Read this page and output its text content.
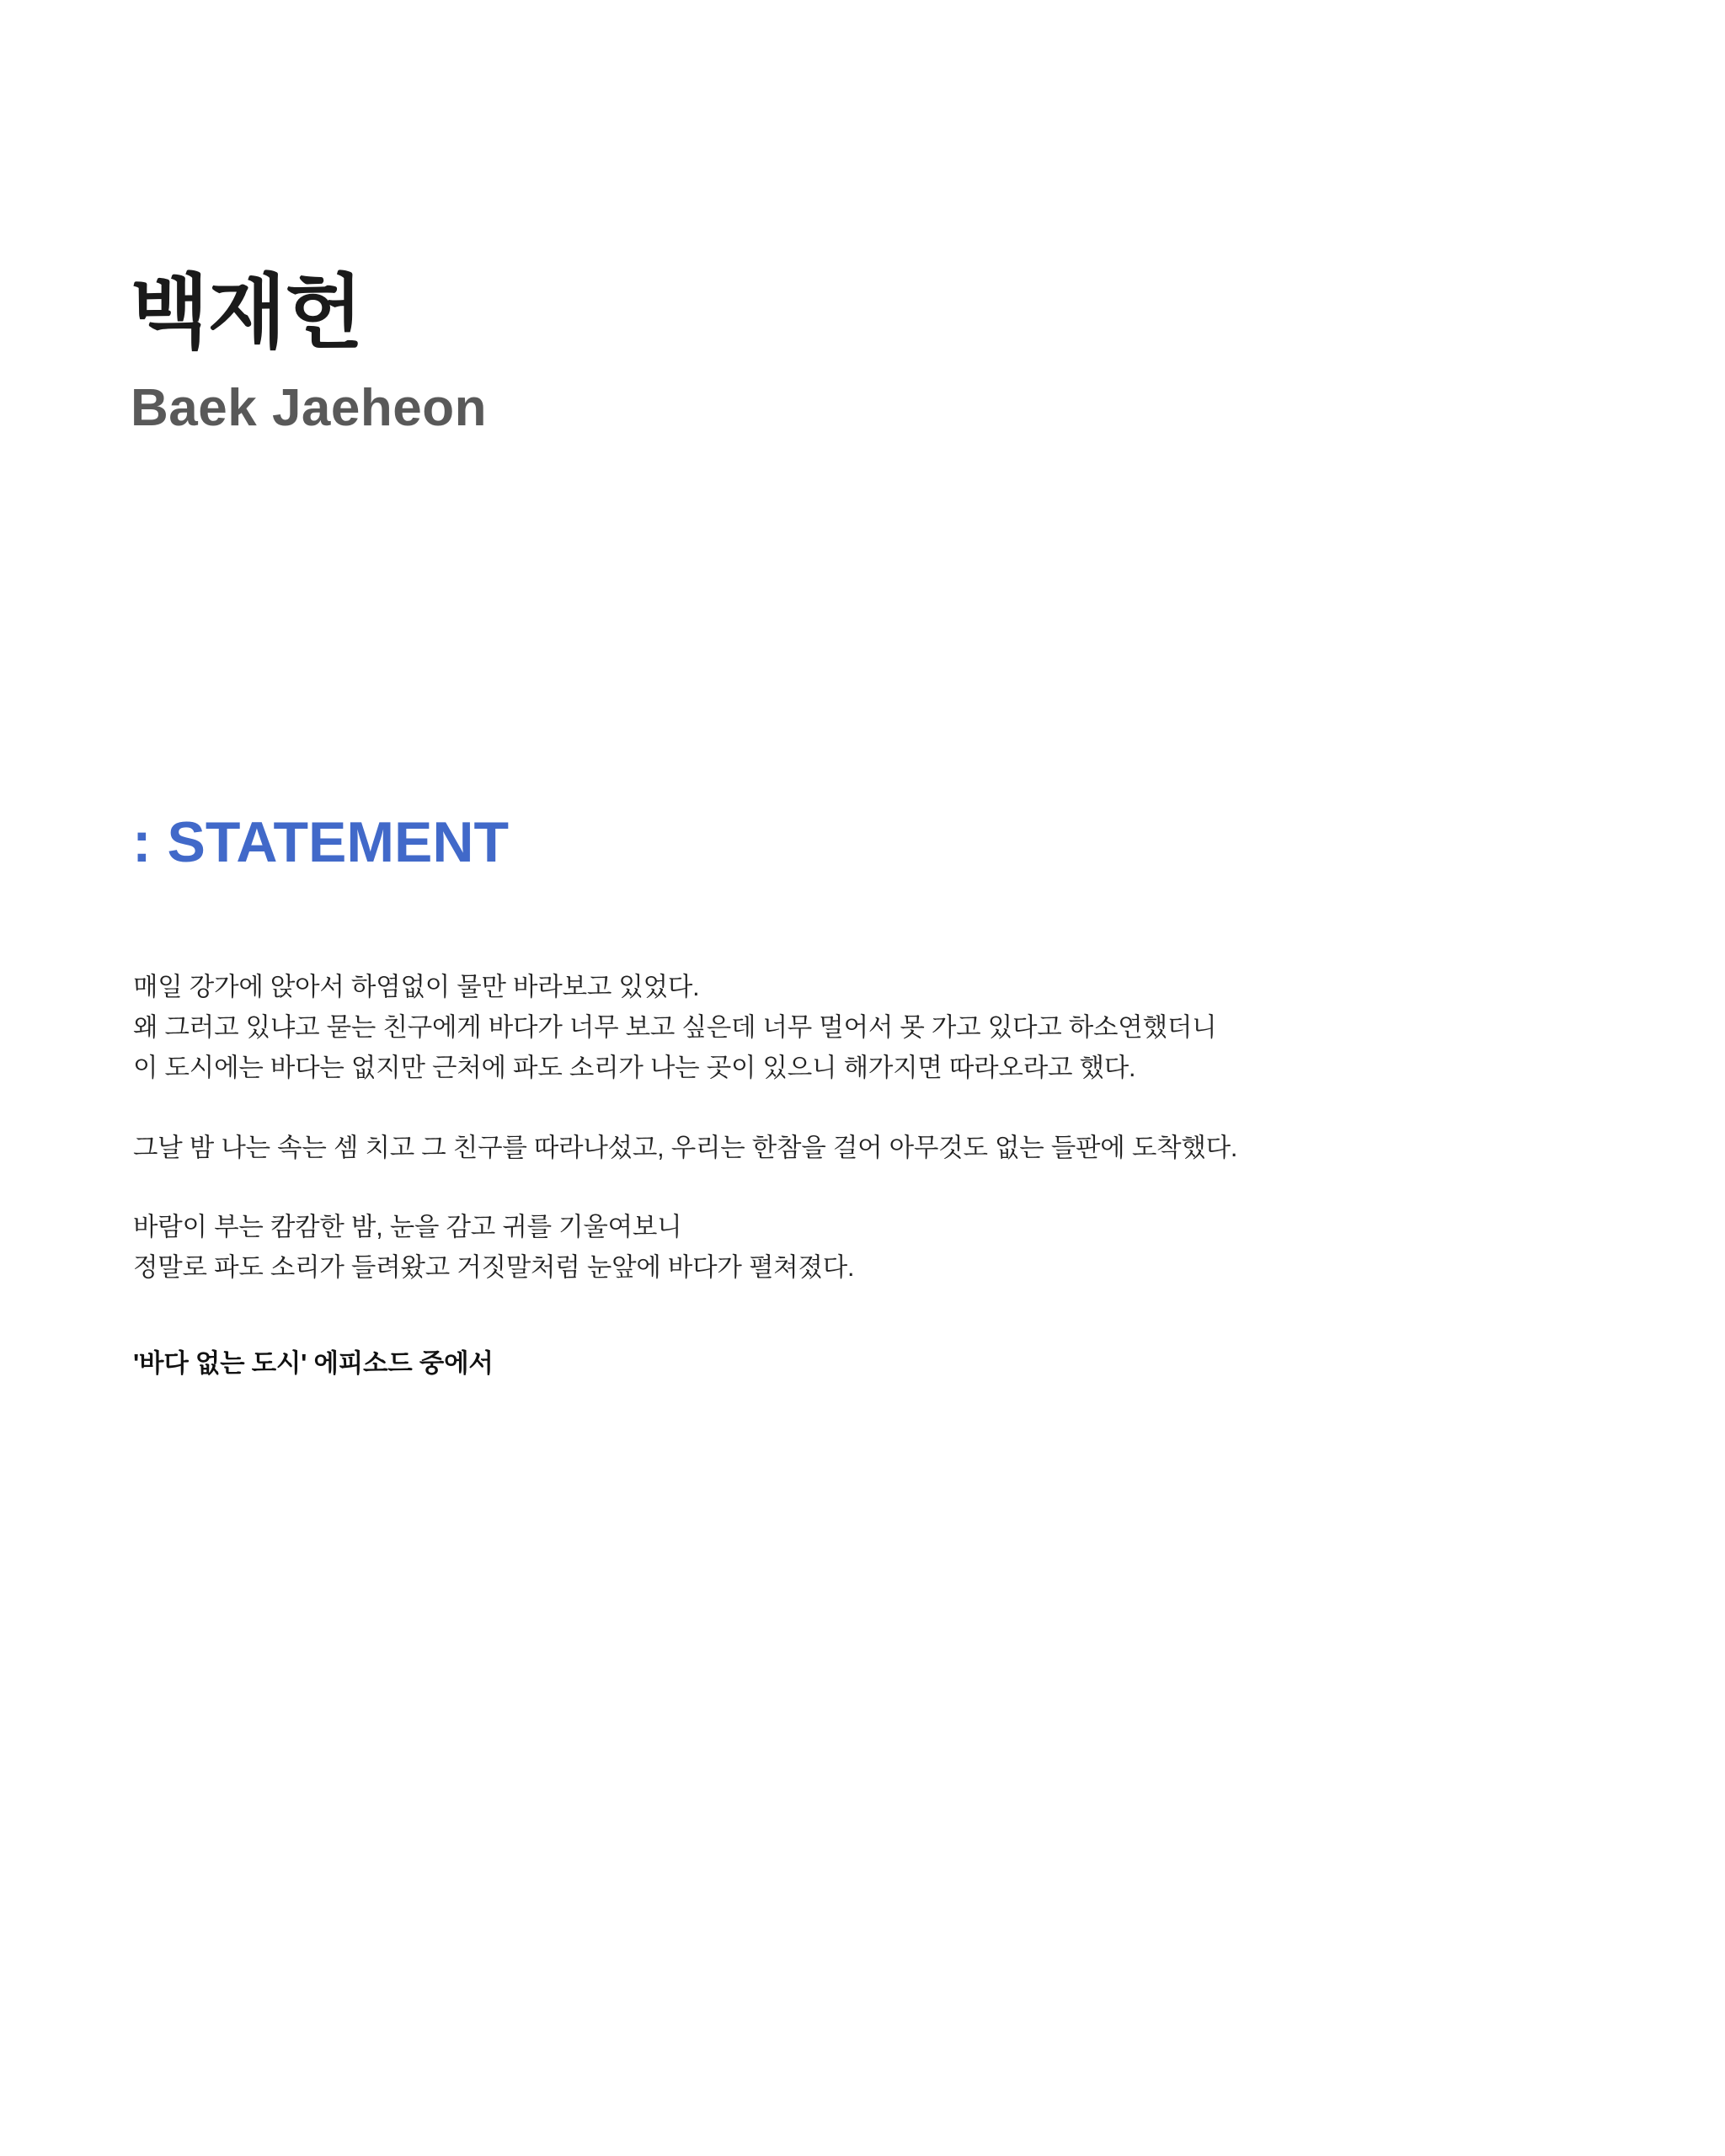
백재헌
Baek Jaeheon
: STATEMENT

매일 강가에 앉아서 하염없이 물만 바라보고 있었다.
왜 그러고 있냐고 묻는 친구에게 바다가 너무 보고 싶은데 너무 멀어서 못 가고 있다고 하소연했더니
이 도시에는 바다는 없지만 근처에 파도 소리가 나는 곳이 있으니 해가지면 따라오라고 했다.

그날 밤 나는 속는 셈 치고 그 친구를 따라나섰고, 우리는 한참을 걸어 아무것도 없는 들판에 도착했다.

바람이 부는 캄캄한 밤, 눈을 감고 귀를 기울여보니
정말로 파도 소리가 들려왔고 거짓말처럼 눈앞에 바다가 펼쳐졌다.

'바다 없는 도시' 에피소드 중에서
